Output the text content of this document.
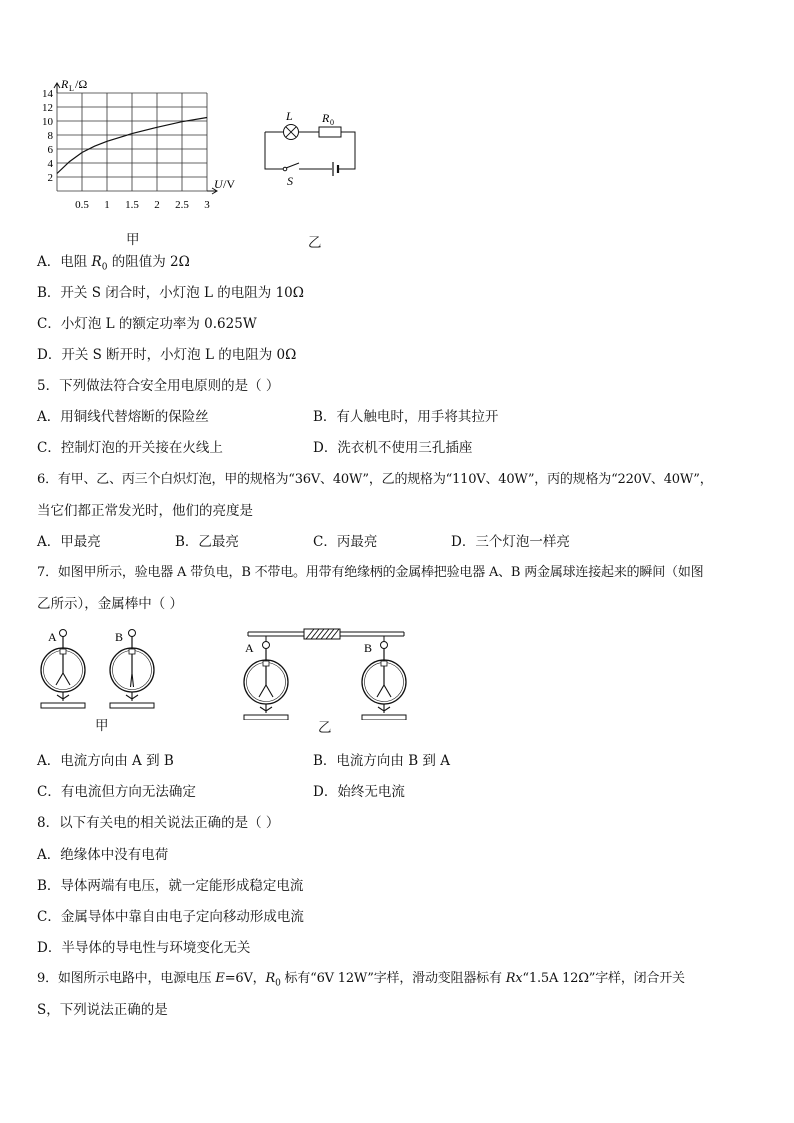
14
12
10
8
6
4
2
0.5 1 1.5 2 2.5 3
R L /Ω
U /V
甲
L R 0
S
乙
A．电阻 $R_0$ 的阻值为 2Ω
B．开关 S 闭合时，小灯泡 L 的电阻为 10Ω
C．小灯泡 L 的额定功率为 0.625W
D．开关 S 断开时，小灯泡 L 的电阻为 0Ω
5．下列做法符合安全用电原则的是（ ）
A．用铜线代替熔断的保险丝	B．有人触电时，用手将其拉开
C．控制灯泡的开关接在火线上	D．洗衣机不使用三孔插座
6．有甲、乙、丙三个白炽灯泡，甲的规格为“36V、40W”，乙的规格为“110V、40W”，丙的规格为“220V、40W”，
当它们都正常发光时，他们的亮度是
A．甲最亮	B．乙最亮	C．丙最亮	D．三个灯泡一样亮
7．如图甲所示，验电器 A 带负电，B 不带电。用带有绝缘柄的金属棒把验电器 A、B 两金属球连接起来的瞬间（如图
乙所示），金属棒中（ ）
A	B
A	B
甲	乙
A．电流方向由 A 到 B	B．电流方向由 B 到 A
C．有电流但方向无法确定	D．始终无电流
8．以下有关电的相关说法正确的是（ ）
A．绝缘体中没有电荷
B．导体两端有电压，就一定能形成稳定电流
C．金属导体中靠自由电子定向移动形成电流
D．半导体的导电性与环境变化无关
9．如图所示电路中，电源电压 E=6V，$R_0$ 标有“6V 12W”字样，滑动变阻器标有 Rx“1.5A 12Ω”字样，闭合开关
S，下列说法正确的是
